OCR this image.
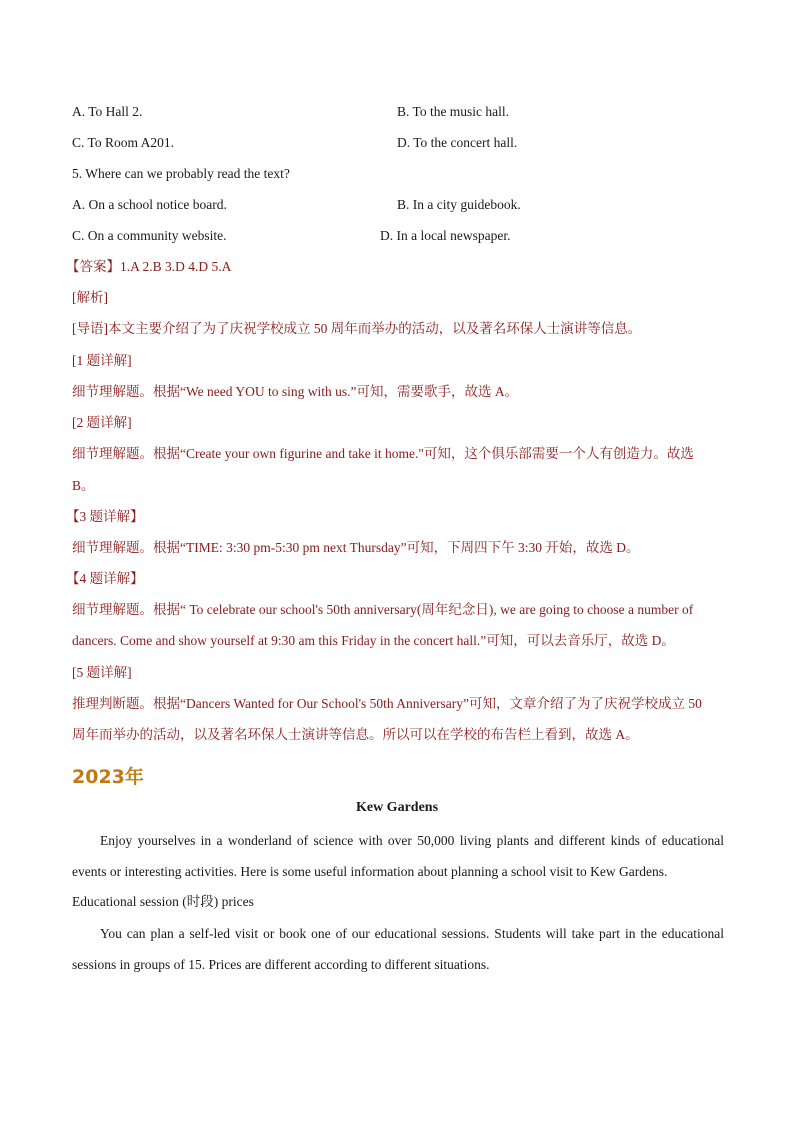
A. To Hall 2.	B. To the music hall.
C. To Room A201.	D. To the concert hall.
5. Where can we probably read the text?
A. On a school notice board.	B. In a city guidebook.
C. On a community website.	D. In a local newspaper.
【答案】1.A 2.B 3.D 4.D 5.A
[解析]
[导语]本文主要介绍了为了庆祝学校成立 50 周年而举办的活动，以及著名环保人士演讲等信息。
[1 题详解]
细节理解题。根据“We need YOU to sing with us.”可知，需要歌手，故选 A。
[2 题详解]
细节理解题。根据“Create your own figurine and take it home."可知，这个俱乐部需要一个人有创造力。故选
B。
【3 题详解】
细节理解题。根据“TIME: 3:30 pm-5:30 pm next Thursday”可知，下周四下午 3:30 开始，故选 D。
【4 题详解】
细节理解题。根据“ To celebrate our school's 50th anniversary(周年纪念日), we are going to choose a number of
dancers. Come and show yourself at 9:30 am this Friday in the concert hall.”可知，可以去音乐厅，故选 D。
[5 题详解]
推理判断题。根据“Dancers Wanted for Our School's 50th Anniversary”可知，文章介绍了为了庆祝学校成立 50
周年而举办的活动，以及著名环保人士演讲等信息。所以可以在学校的布告栏上看到，故选 A。
2023年
Kew Gardens
Enjoy yourselves in a wonderland of science with over 50,000 living plants and different kinds of educational events or interesting activities. Here is some useful information about planning a school visit to Kew Gardens.
Educational session (时段) prices
You can plan a self-led visit or book one of our educational sessions. Students will take part in the educational sessions in groups of 15. Prices are different according to different situations.
